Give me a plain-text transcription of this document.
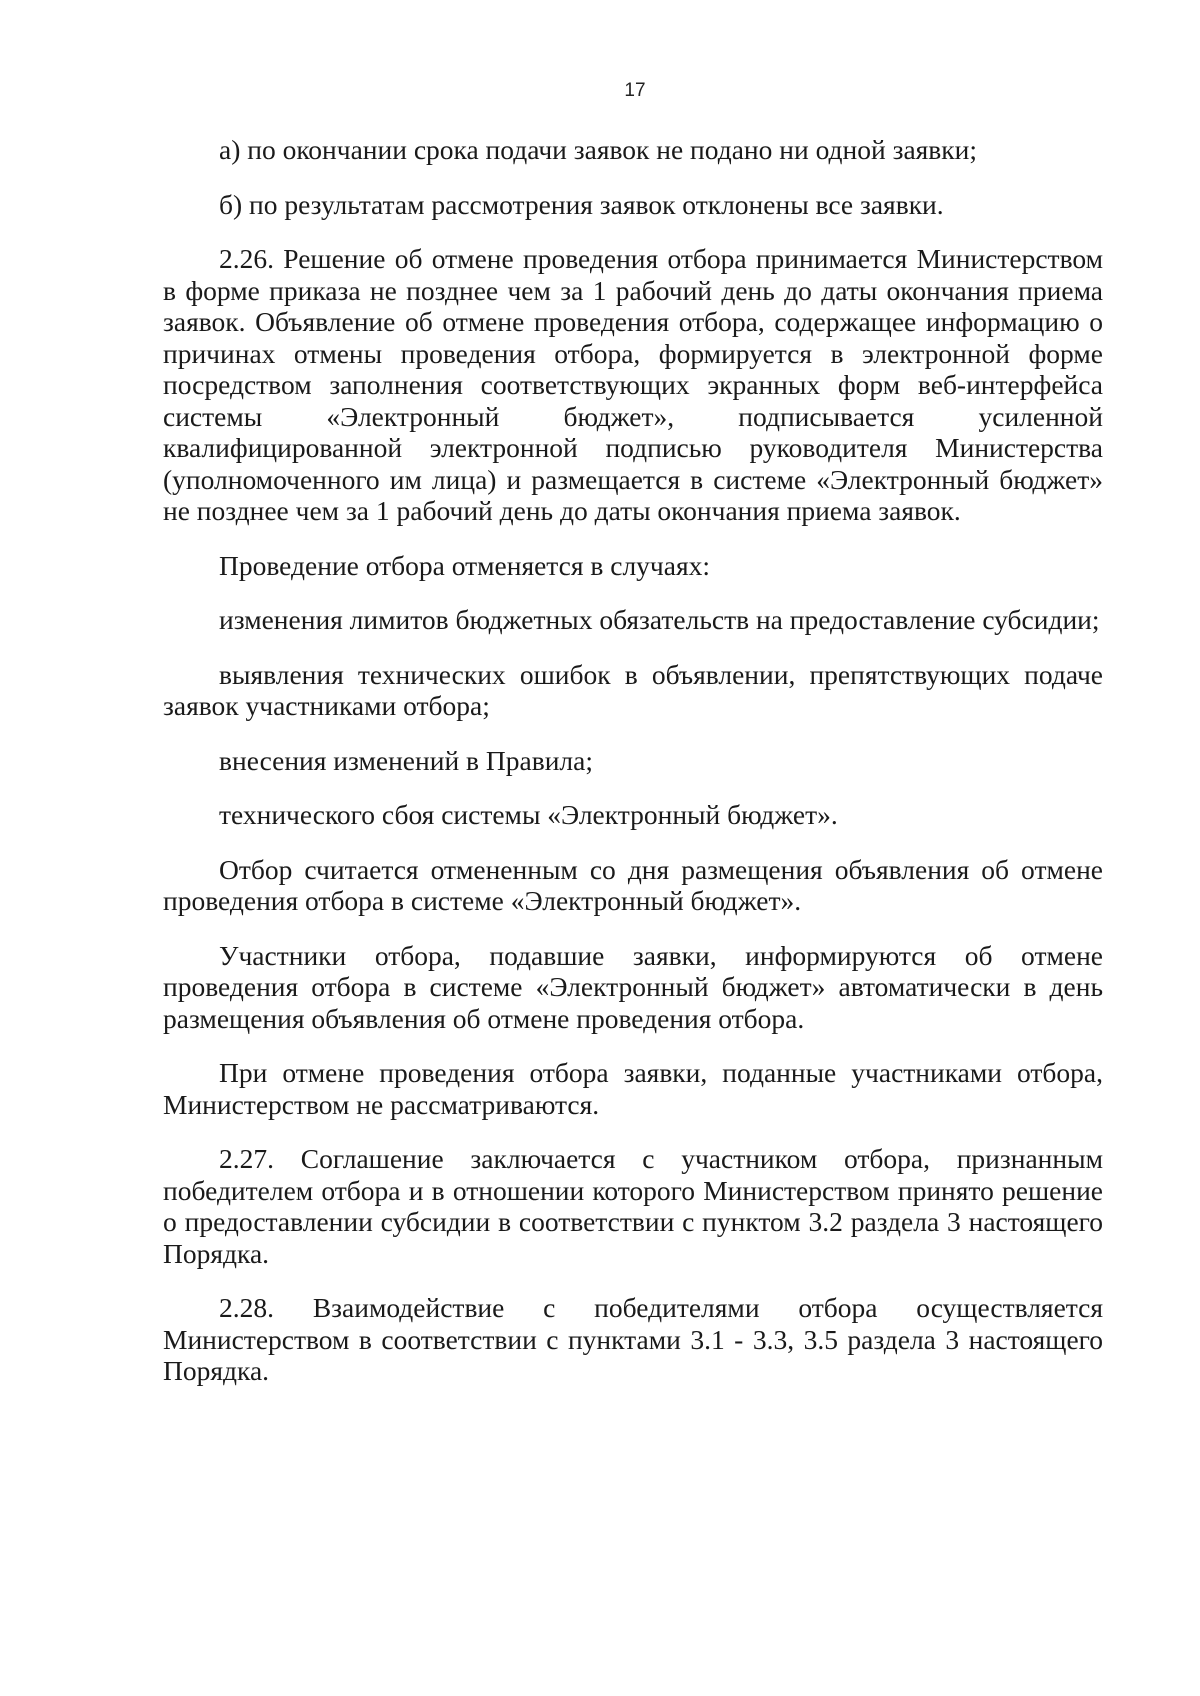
17

а) по окончании срока подачи заявок не подано ни одной заявки;

б) по результатам рассмотрения заявок отклонены все заявки.

2.26. Решение об отмене проведения отбора принимается Министерством в форме приказа не позднее чем за 1 рабочий день до даты окончания приема заявок. Объявление об отмене проведения отбора, содержащее информацию о причинах отмены проведения отбора, формируется в электронной форме посредством заполнения соответствующих экранных форм веб-интерфейса системы «Электронный бюджет», подписывается усиленной квалифицированной электронной подписью руководителя Министерства (уполномоченного им лица) и размещается в системе «Электронный бюджет» не позднее чем за 1 рабочий день до даты окончания приема заявок.

Проведение отбора отменяется в случаях:

изменения лимитов бюджетных обязательств на предоставление субсидии;

выявления технических ошибок в объявлении, препятствующих подаче заявок участниками отбора;

внесения изменений в Правила;

технического сбоя системы «Электронный бюджет».

Отбор считается отмененным со дня размещения объявления об отмене проведения отбора в системе «Электронный бюджет».

Участники отбора, подавшие заявки, информируются об отмене проведения отбора в системе «Электронный бюджет» автоматически в день размещения объявления об отмене проведения отбора.

При отмене проведения отбора заявки, поданные участниками отбора, Министерством не рассматриваются.

2.27. Соглашение заключается с участником отбора, признанным победителем отбора и в отношении которого Министерством принято решение о предоставлении субсидии в соответствии с пунктом 3.2 раздела 3 настоящего Порядка.

2.28. Взаимодействие с победителями отбора осуществляется Министерством в соответствии с пунктами 3.1 - 3.3, 3.5 раздела 3 настоящего Порядка.
